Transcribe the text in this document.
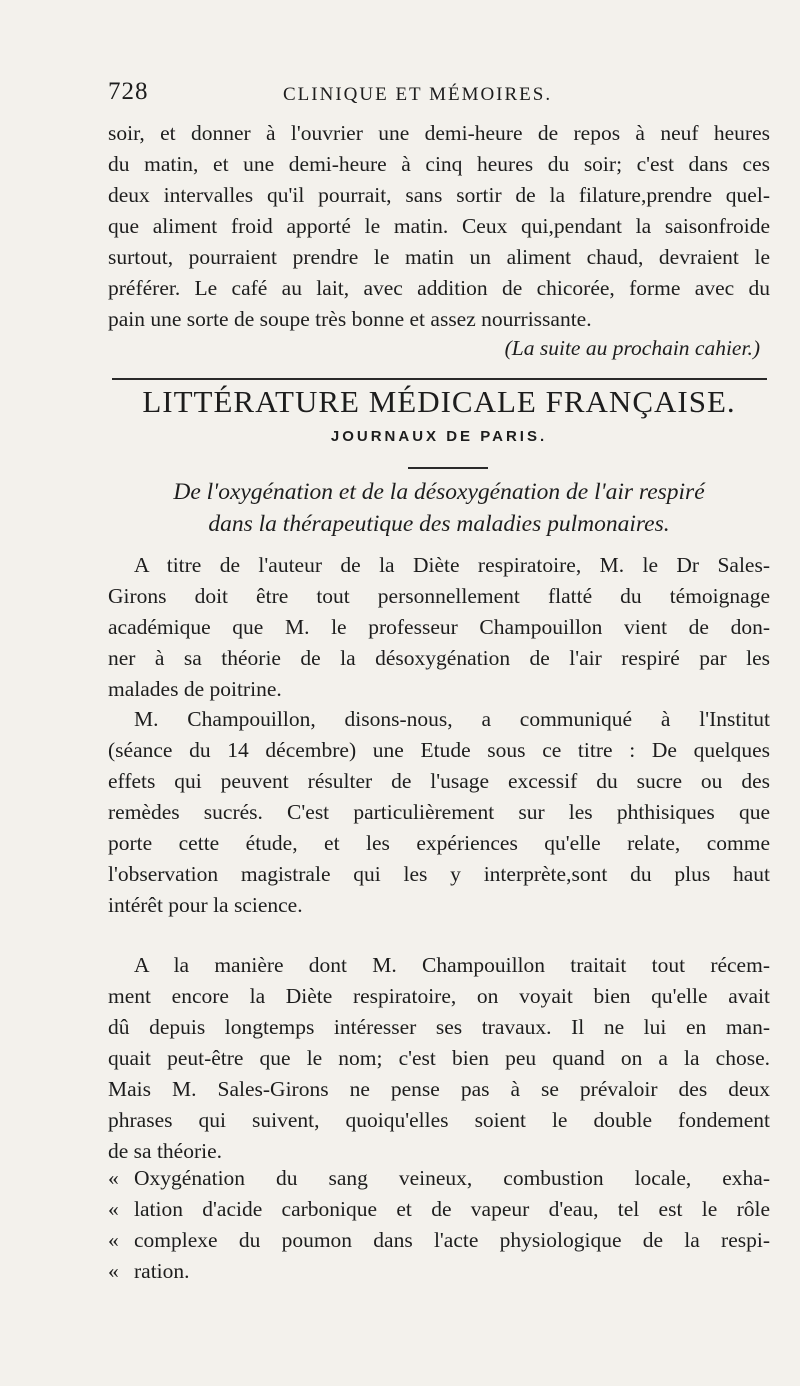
728	CLINIQUE ET MÉMOIRES.
soir, et donner à l'ouvrier une demi-heure de repos à neuf heures
du matin, et une demi-heure à cinq heures du soir; c'est dans ces
deux intervalles qu'il pourrait, sans sortir de la filature,prendre quel-
que aliment froid apporté le matin. Ceux qui,pendant la saisonfroide
surtout, pourraient prendre le matin un aliment chaud, devraient le
préférer. Le café au lait, avec addition de chicorée, forme avec du
pain une sorte de soupe très bonne et assez nourrissante.
(La suite au prochain cahier.)
LITTÉRATURE MÉDICALE FRANÇAISE.
JOURNAUX DE PARIS.
De l'oxygénation et de la désoxygénation de l'air respiré
dans la thérapeutique des maladies pulmonaires.
A titre de l'auteur de la Diète respiratoire, M. le Dr Sales-
Girons doit être tout personnellement flatté du témoignage
académique que M. le professeur Champouillon vient de don-
ner à sa théorie de la désoxygénation de l'air respiré par les
malades de poitrine.
M. Champouillon, disons-nous, a communiqué à l'Institut
(séance du 14 décembre) une Etude sous ce titre : De quelques
effets qui peuvent résulter de l'usage excessif du sucre ou des
remèdes sucrés. C'est particulièrement sur les phthisiques que
porte cette étude, et les expériences qu'elle relate, comme
l'observation magistrale qui les y interprète,sont du plus haut
intérêt pour la science.
A la manière dont M. Champouillon traitait tout récem-
ment encore la Diète respiratoire, on voyait bien qu'elle avait
dû depuis longtemps intéresser ses travaux. Il ne lui en man-
quait peut-être que le nom; c'est bien peu quand on a la chose.
Mais M. Sales-Girons ne pense pas à se prévaloir des deux
phrases qui suivent, quoiqu'elles soient le double fondement
de sa théorie.
« Oxygénation du sang veineux, combustion locale, exha-
« lation d'acide carbonique et de vapeur d'eau, tel est le rôle
« complexe du poumon dans l'acte physiologique de la respi-
« ration.
